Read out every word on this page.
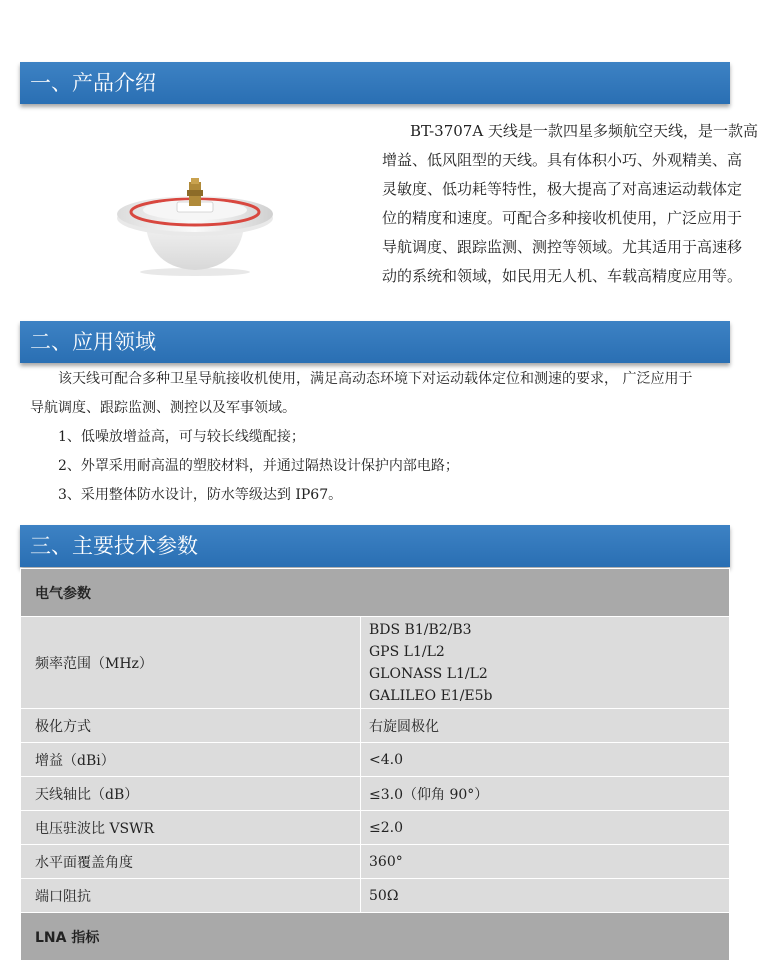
一、产品介绍
BT-3707A 天线是一款四星多频航空天线，是一款高
增益、低风阻型的天线。具有体积小巧、外观精美、高
灵敏度、低功耗等特性，极大提高了对高速运动载体定
位的精度和速度。可配合多种接收机使用，广泛应用于
导航调度、跟踪监测、测控等领域。尤其适用于高速移
动的系统和领域，如民用无人机、车载高精度应用等。
二、应用领域
该天线可配合多种卫星导航接收机使用，满足高动态环境下对运动载体定位和测速的要求， 广泛应用于
导航调度、跟踪监测、测控以及军事领域。
1、低噪放增益高，可与较长线缆配接；
2、外罩采用耐高温的塑胶材料，并通过隔热设计保护内部电路；
3、采用整体防水设计，防水等级达到 IP67。
三、主要技术参数
电气参数	
频率范围（MHz）	BDS B1/B2/B3
GPS L1/L2
GLONASS L1/L2
GALILEO E1/E5b

极化方式	右旋圆极化
增益（dBi）	<4.0
天线轴比（dB）	≤3.0（仰角 90°）
电压驻波比 VSWR	≤2.0
水平面覆盖角度	360°
端口阻抗	50Ω
LNA 指标	
